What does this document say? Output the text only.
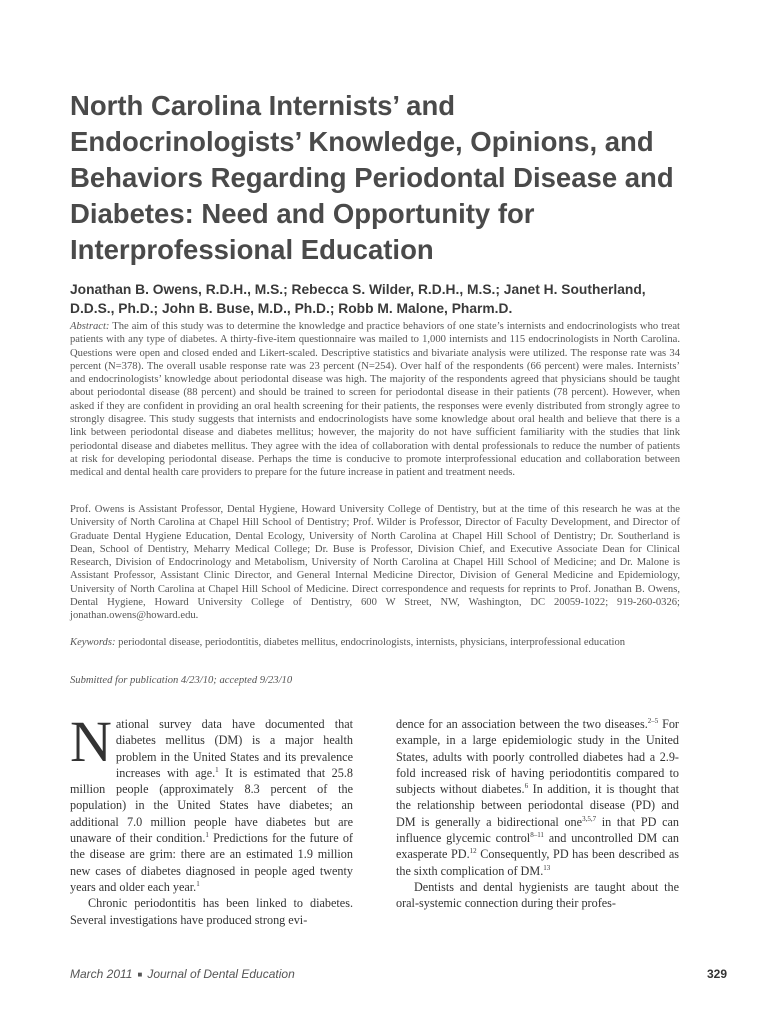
North Carolina Internists’ and Endocrinologists’ Knowledge, Opinions, and Behaviors Regarding Periodontal Disease and Diabetes: Need and Opportunity for Interprofessional Education

Jonathan B. Owens, R.D.H., M.S.; Rebecca S. Wilder, R.D.H., M.S.; Janet H. Southerland, D.D.S., Ph.D.; John B. Buse, M.D., Ph.D.; Robb M. Malone, Pharm.D.

Abstract: The aim of this study was to determine the knowledge and practice behaviors of one state’s internists and endocrinologists who treat patients with any type of diabetes. A thirty-five-item questionnaire was mailed to 1,000 internists and 115 endocrinologists in North Carolina. Questions were open and closed ended and Likert-scaled. Descriptive statistics and bivariate analysis were utilized. The response rate was 34 percent (N=378). The overall usable response rate was 23 percent (N=254). Over half of the respondents (66 percent) were males. Internists’ and endocrinologists’ knowledge about periodontal disease was high. The majority of the respondents agreed that physicians should be taught about periodontal disease (88 percent) and should be trained to screen for periodontal disease in their patients (78 percent). However, when asked if they are confident in providing an oral health screening for their patients, the responses were evenly distributed from strongly agree to strongly disagree. This study suggests that internists and endocrinologists have some knowledge about oral health and believe that there is a link between periodontal disease and diabetes mellitus; however, the majority do not have sufficient familiarity with the studies that link periodontal disease and diabetes mellitus. They agree with the idea of collaboration with dental professionals to reduce the number of patients at risk for developing periodontal disease. Perhaps the time is conducive to promote interprofessional education and collaboration between medical and dental health care providers to prepare for the future increase in patient and treatment needs.

Prof. Owens is Assistant Professor, Dental Hygiene, Howard University College of Dentistry, but at the time of this research he was at the University of North Carolina at Chapel Hill School of Dentistry; Prof. Wilder is Professor, Director of Faculty Development, and Director of Graduate Dental Hygiene Education, Dental Ecology, University of North Carolina at Chapel Hill School of Dentistry; Dr. Southerland is Dean, School of Dentistry, Meharry Medical College; Dr. Buse is Professor, Division Chief, and Executive Associate Dean for Clinical Research, Division of Endocrinology and Metabolism, University of North Carolina at Chapel Hill School of Medicine; and Dr. Malone is Assistant Professor, Assistant Clinic Director, and General Internal Medicine Director, Division of General Medicine and Epidemiology, University of North Carolina at Chapel Hill School of Medicine. Direct correspondence and requests for reprints to Prof. Jonathan B. Owens, Dental Hygiene, Howard University College of Dentistry, 600 W Street, NW, Washington, DC 20059-1022; 919-260-0326; jonathan.owens@howard.edu.

Keywords: periodontal disease, periodontitis, diabetes mellitus, endocrinologists, internists, physicians, interprofessional education

Submitted for publication 4/23/10; accepted 9/23/10

National survey data have documented that diabetes mellitus (DM) is a major health problem in the United States and its prevalence increases with age.$^1$ It is estimated that 25.8 million people (approximately 8.3 percent of the population) in the United States have diabetes; an additional 7.0 million people have diabetes but are unaware of their condition.$^1$ Predictions for the future of the disease are grim: there are an estimated 1.9 million new cases of diabetes diagnosed in people aged twenty years and older each year.$^1$

Chronic periodontitis has been linked to diabetes. Several investigations have produced strong evi-

dence for an association between the two diseases.$^{2-5}$ For example, in a large epidemiologic study in the United States, adults with poorly controlled diabetes had a 2.9-fold increased risk of having periodontitis compared to subjects without diabetes.$^6$ In addition, it is thought that the relationship between periodontal disease (PD) and DM is generally a bidirectional one$^{3,5,7}$ in that PD can influence glycemic control$^{8-11}$ and uncontrolled DM can exasperate PD.$^{12}$ Consequently, PD has been described as the sixth complication of DM.$^{13}$

Dentists and dental hygienists are taught about the oral-systemic connection during their profes-

March 2011 ■ Journal of Dental Education	329
